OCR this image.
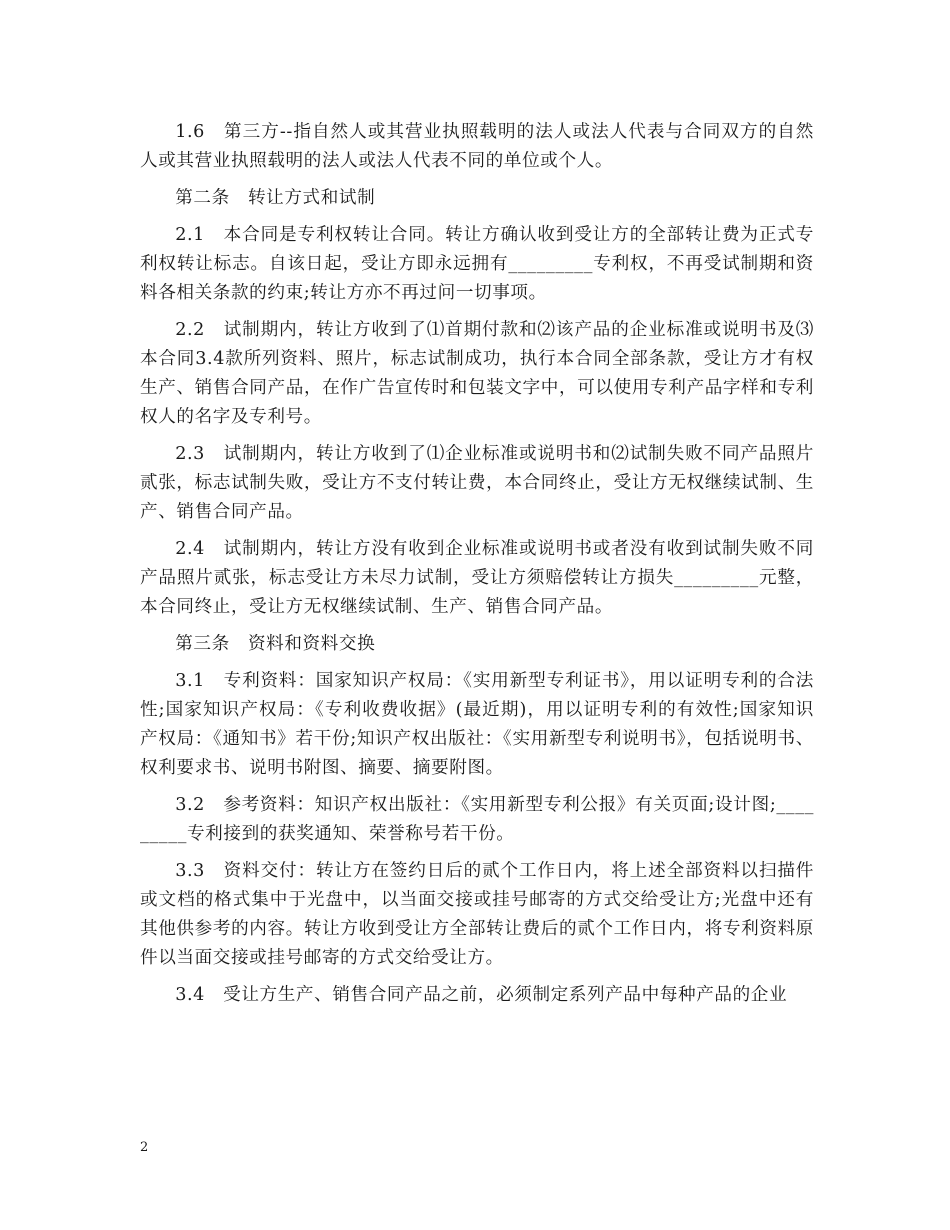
1.6　第三方--指自然人或其营业执照载明的法人或法人代表与合同双方的自然人或其营业执照载明的法人或法人代表不同的单位或个人。

第二条　转让方式和试制

2.1　本合同是专利权转让合同。转让方确认收到受让方的全部转让费为正式专利权转让标志。自该日起，受让方即永远拥有_________专利权，不再受试制期和资料各相关条款的约束;转让方亦不再过问一切事项。

2.2　试制期内，转让方收到了⑴首期付款和⑵该产品的企业标准或说明书及⑶本合同3.4款所列资料、照片，标志试制成功，执行本合同全部条款，受让方才有权生产、销售合同产品，在作广告宣传时和包装文字中，可以使用专利产品字样和专利权人的名字及专利号。

2.3　试制期内，转让方收到了⑴企业标准或说明书和⑵试制失败不同产品照片贰张，标志试制失败，受让方不支付转让费，本合同终止，受让方无权继续试制、生产、销售合同产品。

2.4　试制期内，转让方没有收到企业标准或说明书或者没有收到试制失败不同产品照片贰张，标志受让方未尽力试制，受让方须赔偿转让方损失_________元整，本合同终止，受让方无权继续试制、生产、销售合同产品。

第三条　资料和资料交换

3.1　专利资料：国家知识产权局：《实用新型专利证书》，用以证明专利的合法性;国家知识产权局：《专利收费收据》(最近期)，用以证明专利的有效性;国家知识产权局：《通知书》若干份;知识产权出版社：《实用新型专利说明书》，包括说明书、权利要求书、说明书附图、摘要、摘要附图。

3.2　参考资料：知识产权出版社：《实用新型专利公报》有关页面;设计图;_________专利接到的获奖通知、荣誉称号若干份。

3.3　资料交付：转让方在签约日后的贰个工作日内，将上述全部资料以扫描件或文档的格式集中于光盘中，以当面交接或挂号邮寄的方式交给受让方;光盘中还有其他供参考的内容。转让方收到受让方全部转让费后的贰个工作日内，将专利资料原件以当面交接或挂号邮寄的方式交给受让方。

3.4　受让方生产、销售合同产品之前，必须制定系列产品中每种产品的企业

2
